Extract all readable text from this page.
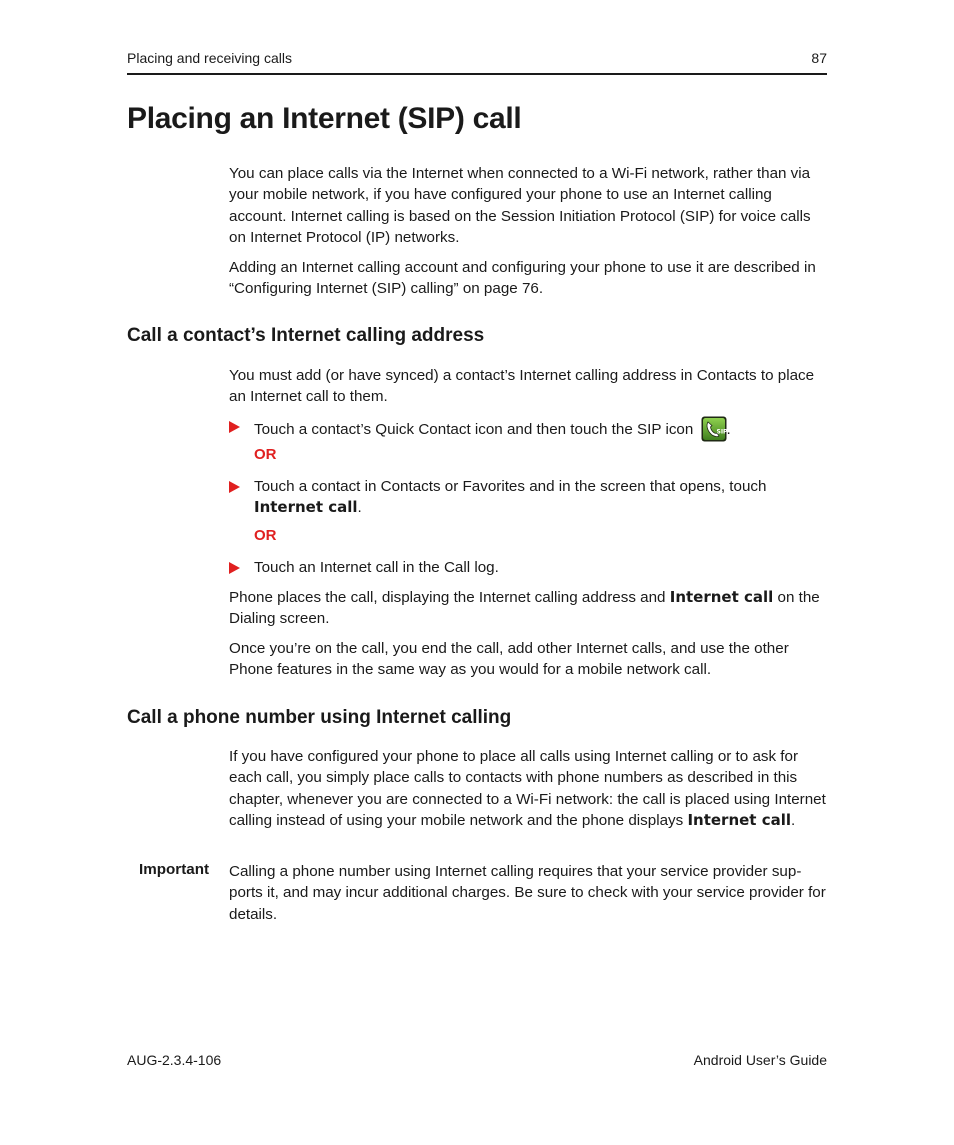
Placing and receiving calls	87
Placing an Internet (SIP) call

You can place calls via the Internet when connected to a Wi-Fi network, rather than via your mobile network, if you have configured your phone to use an Internet calling account. Internet calling is based on the Session Initiation Protocol (SIP) for voice calls on Internet Protocol (IP) networks.

Adding an Internet calling account and configuring your phone to use it are described in “Configuring Internet (SIP) calling” on page 76.

Call a contact’s Internet calling address

You must add (or have synced) a contact’s Internet calling address in Contacts to place an Internet call to them.

Touch a contact’s Quick Contact icon and then touch the SIP icon	SIP .
OR
Touch a contact in Contacts or Favorites and in the screen that opens, touch Internet call.
OR
Touch an Internet call in the Call log.

Phone places the call, displaying the Internet calling address and Internet call on the Dialing screen.

Once you’re on the call, you end the call, add other Internet calls, and use the other Phone features in the same way as you would for a mobile network call.

Call a phone number using Internet calling

If you have configured your phone to place all calls using Internet calling or to ask for each call, you simply place calls to contacts with phone numbers as described in this chapter, whenever you are connected to a Wi-Fi network: the call is placed using Internet calling instead of using your mobile network and the phone displays Internet call.

Important Calling a phone number using Internet calling requires that your service provider sup-ports it, and may incur additional charges. Be sure to check with your service provider for details.

AUG-2.3.4-106	Android User’s Guide
